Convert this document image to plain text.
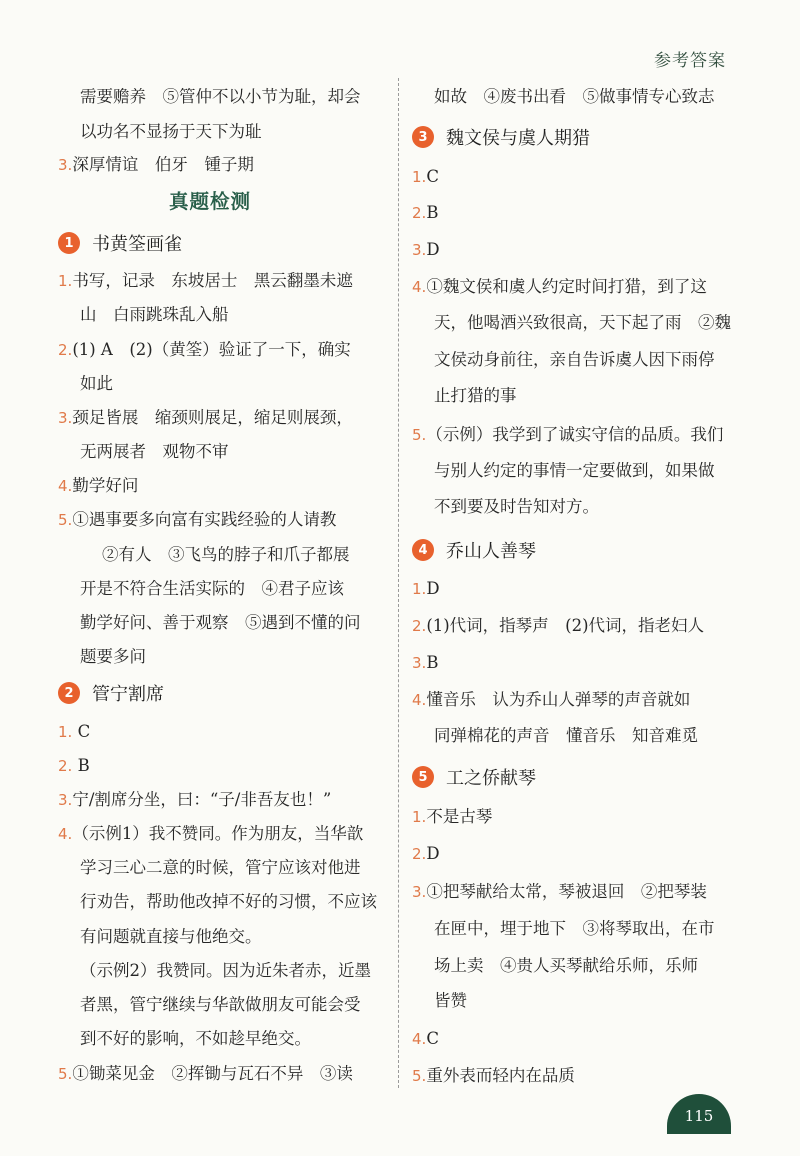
参考答案
需要赡养　⑤管仲不以小节为耻，却会
以功名不显扬于天下为耻
3.深厚情谊　伯牙　锺子期
真题检测
1	书黄筌画雀
1.书写，记录　东坡居士　黑云翻墨未遮
山　白雨跳珠乱入船
2.(1) A　(2)（黄筌）验证了一下，确实
如此
3.颈足皆展　缩颈则展足，缩足则展颈，
无两展者　观物不审
4.勤学好问
5.①遇事要多向富有实践经验的人请教
②有人　③飞鸟的脖子和爪子都展
开是不符合生活实际的　④君子应该
勤学好问、善于观察　⑤遇到不懂的问
题要多问
2	管宁割席
1. C
2. B
3.宁/割席分坐，曰：“子/非吾友也！”
4.（示例1）我不赞同。作为朋友，当华歆
学习三心二意的时候，管宁应该对他进
行劝告，帮助他改掉不好的习惯，不应该
有问题就直接与他绝交。
（示例2）我赞同。因为近朱者赤，近墨
者黑，管宁继续与华歆做朋友可能会受
到不好的影响，不如趁早绝交。
5.①锄菜见金　②挥锄与瓦石不异　③读
如故　④废书出看　⑤做事情专心致志
3	魏文侯与虞人期猎
1.C
2.B
3.D
4.①魏文侯和虞人约定时间打猎，到了这
天，他喝酒兴致很高，天下起了雨　②魏
文侯动身前往，亲自告诉虞人因下雨停
止打猎的事
5.（示例）我学到了诚实守信的品质。我们
与别人约定的事情一定要做到，如果做
不到要及时告知对方。
4	乔山人善琴
1.D
2.(1)代词，指琴声　(2)代词，指老妇人
3.B
4.懂音乐　认为乔山人弹琴的声音就如
同弹棉花的声音　懂音乐　知音难觅
5	工之侨献琴
1.不是古琴
2.D
3.①把琴献给太常，琴被退回　②把琴装
在匣中，埋于地下　③将琴取出，在市
场上卖　④贵人买琴献给乐师，乐师
皆赞
4.C
5.重外表而轻内在品质
115
